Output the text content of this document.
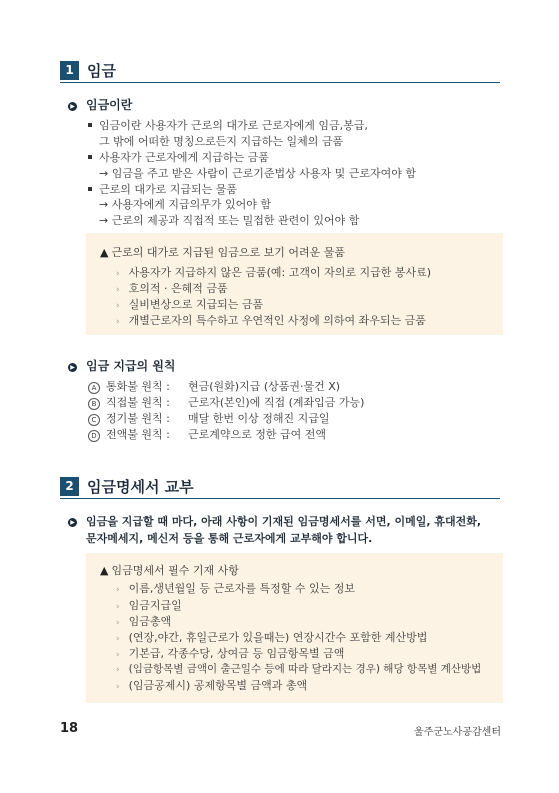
1 임금
▶ 임금이란
임금이란 사용자가 근로의 대가로 근로자에게 임금,봉급,
그 밖에 어떠한 명칭으로든지 지급하는 일체의 금품
사용자가 근로자에게 지급하는 금품
→ 임금을 주고 받은 사람이 근로기준법상 사용자 및 근로자여야 함
근로의 대가로 지급되는 물품
→ 사용자에게 지급의무가 있어야 함
→ 근로의 제공과 직접적 또는 밀접한 관련이 있어야 함
▲ 근로의 대가로 지급된 임금으로 보기 어려운 물품
› 사용자가 지급하지 않은 금품(예: 고객이 자의로 지급한 봉사료)
› 호의적 · 은혜적 금품
› 실비변상으로 지급되는 금품
› 개별근로자의 특수하고 우연적인 사정에 의하여 좌우되는 금품
▶ 임금 지급의 원칙
A 통화불 원칙 : 현금(원화)지급 (상품권·물건 X)
B 직접불 원칙 : 근로자(본인)에 직접 (계좌입금 가능)
C 정기불 원칙 : 매달 한번 이상 정해진 지급일
D 전액불 원칙 : 근로계약으로 정한 급여 전액
2 임금명세서 교부
▶ 임금을 지급할 때 마다, 아래 사항이 기재된 임금명세서를 서면, 이메일, 휴대전화,
문자메세지, 메신저 등을 통해 근로자에게 교부해야 합니다.
▲ 임금명세서 필수 기재 사항
› 이름,생년월일 등 근로자를 특정할 수 있는 정보
› 임금지급일
› 임금총액
› (연장,야간, 휴일근로가 있을때는) 연장시간수 포함한 계산방법
› 기본급, 각종수당, 상여금 등 임금항목별 금액
› (임금항목별 금액이 출근일수 등에 따라 달라지는 경우) 해당 항목별 계산방법
› (임금공제시) 공제항목별 금액과 총액
18	울주군노사공감센터
